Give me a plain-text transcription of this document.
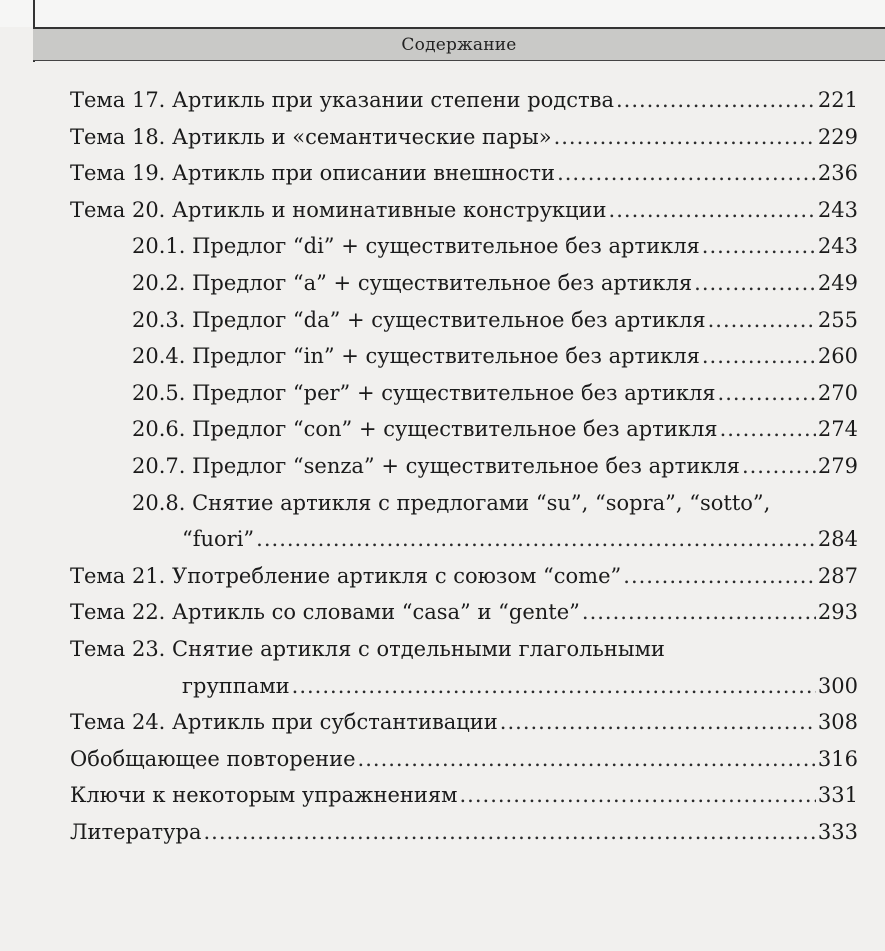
Содержание
Тема 17. Артикль при указании степени родства .....	221
Тема 18. Артикль и «семантические пары» .....	229
Тема 19. Артикль при описании внешности .....	236
Тема 20. Артикль и номинативные конструкции .....	243
20.1. Предлог “di” + существительное без артикля .....	243
20.2. Предлог “a” + существительное без артикля .....	249
20.3. Предлог “da” + существительное без артикля .....	255
20.4. Предлог “in” + существительное без артикля .....	260
20.5. Предлог “per” + существительное без артикля .....	270
20.6. Предлог “con” + существительное без артикля .....	274
20.7. Предлог “senza” + существительное без артикля .....	279
20.8. Снятие артикля с предлогами “su”, “sopra”, “sotto”,
“fuori” .....	284
Тема 21. Употребление артикля с союзом “come” .....	287
Тема 22. Артикль со словами “casa” и “gente” .....	293
Тема 23. Снятие артикля с отдельными глагольными
группами .....	300
Тема 24. Артикль при субстантивации .....	308
Обобщающее повторение .....	316
Ключи к некоторым упражнениям .....	331
Литература .....	333
